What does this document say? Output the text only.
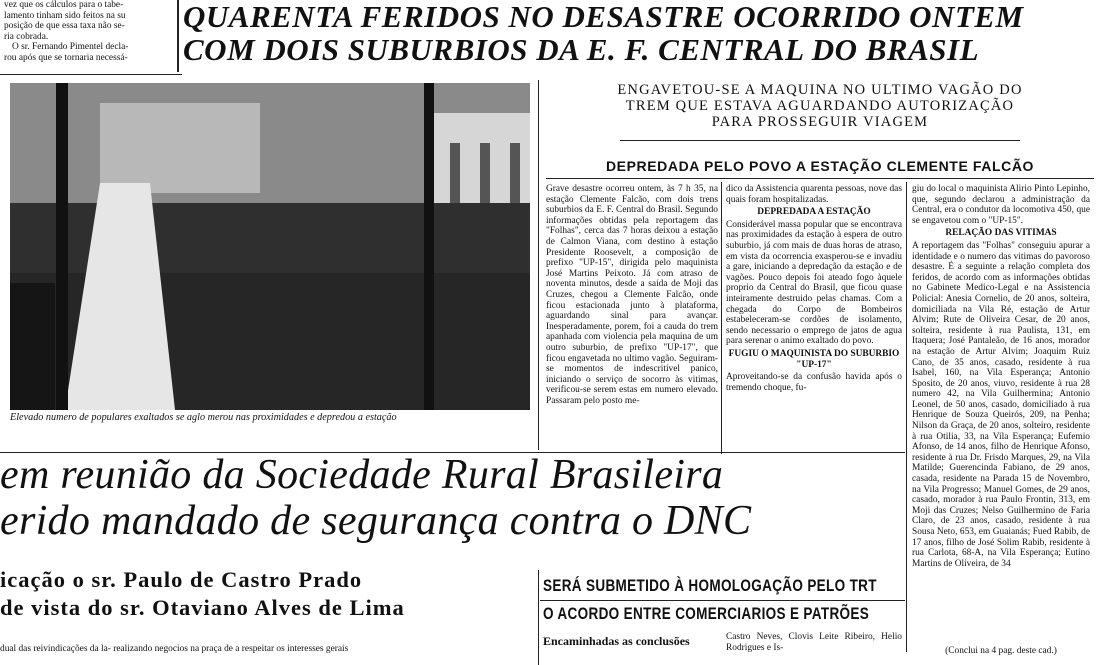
vez que os cálculos para o tabe-
lamento tinham sido feitos na su
posição de que essa taxa não se-
ria cobrada.
O sr. Fernando Pimentel decla-
rou após que se tornaria necessá-
QUARENTA FERIDOS NO DESASTRE OCORRIDO ONTEM
COM DOIS SUBURBIOS DA E. F. CENTRAL DO BRASIL
Elevado numero de populares exaltados se aglo merou nas proximidades e depredou a estação
ENGAVETOU-SE A MAQUINA NO ULTIMO VAGÃO DO
TREM QUE ESTAVA AGUARDANDO AUTORIZAÇÃO
PARA PROSSEGUIR VIAGEM
DEPREDADA PELO POVO A ESTAÇÃO CLEMENTE FALCÃO
Grave desastre ocorreu ontem, às 7 h 35, na estação Clemente Falcão, com dois trens suburbios da E. F. Central do Brasil. Segundo informações obtidas pela reportagem das "Folhas", cerca das 7 horas deixou a estação de Calmon Viana, com destino à estação Presidente Roosevelt, a composição de prefixo "UP-15", dirigida pelo maquinista José Martins Peixoto. Já com atraso de noventa minutos, desde a saída de Moji das Cruzes, chegou a Clemente Falcão, onde ficou estacionada junto à plataforma, aguardando sinal para avançar. Inesperadamente, porem, foi a cauda do trem apanhada com violencia pela maquina de um outro suburbio, de prefixo "UP-17", que ficou engavetada no ultimo vagão. Seguiram-se momentos de indescritível panico, iniciando o serviço de socorro às vitimas, verificou-se serem estas em numero elevado. Passaram pelo posto me-
dico da Assistencia quarenta pessoas, nove das quais foram hospitalizadas.
DEPREDADA A ESTAÇÃO
Considerável massa popular que se encontrava nas proximidades da estação à espera de outro suburbio, já com mais de duas horas de atraso, em vista da ocorrencia exasperou-se e invadiu a gare, iniciando a depredação da estação e de vagões. Pouco depois foi ateado fogo àquele proprio da Central do Brasil, que ficou quase inteiramente destruido pelas chamas. Com a chegada do Corpo de Bombeiros estabeleceram-se cordões de isolamento, sendo necessario o emprego de jatos de agua para serenar o animo exaltado do povo.
FUGIU O MAQUINISTA DO SUBURBIO "UP-17"
Aproveitando-se da confusão havida após o tremendo choque, fu-
giu do local o maquinista Alirio Pinto Lepinho, que, segundo declarou a administração da Central, era o condutor da locomotiva 450, que se engavetou com o "UP-15".
RELAÇÃO DAS VITIMAS
A reportagem das "Folhas" conseguiu apurar a identidade e o numero das vitimas do pavoroso desastre. É a seguinte a relação completa dos feridos, de acordo com as informações obtidas no Gabinete Medico-Legal e na Assistencia Policial: Anesia Cornelio, de 20 anos, solteira, domiciliada na Vila Ré, estação de Artur Alvim; Rute de Oliveira Cesar, de 20 anos, solteira, residente à rua Paulista, 131, em Itaquera; José Pantaleão, de 16 anos, morador na estação de Artur Alvim; Joaquim Ruiz Cano, de 35 anos, casado, residente à rua Isabel, 160, na Vila Esperança; Antonio Sposito, de 20 anos, viuvo, residente à rua 28 numero 42, na Vila Guilhermina; Antonio Leonel, de 50 anos, casado, domiciliado à rua Henrique de Souza Queirós, 209, na Penha; Nilson da Graça, de 20 anos, solteiro, residente à rua Otilia, 33, na Vila Esperança; Eufemio Afonso, de 14 anos, filho de Henrique Afonso, residente à rua Dr. Frisdo Marques, 29, na Vila Matilde; Guerencinda Fabiano, de 29 anos, casada, residente na Parada 15 de Novembro, na Vila Progresso; Manuel Gomes, de 29 anos, casado, morador à rua Paulo Frontin, 313, em Moji das Cruzes; Nelso Guilhermino de Faria Claro, de 23 anos, casado, residente à rua Sousa Neto, 653, em Guaianás; Fued Rabib, de 17 anos, filho de José Solim Rabib, residente à rua Carlota, 68-A, na Vila Esperança; Eutino Martins de Oliveira, de 34
(Conclui na 4 pag. deste cad.)
em reunião da Sociedade Rural Brasileira
erido mandado de segurança contra o DNC
icação o sr. Paulo de Castro Prado
de vista do sr. Otaviano Alves de Lima
dual das reivindicações da la- realizando negocios na praça de a respeitar os interesses gerais
SERÁ SUBMETIDO À HOMOLOGAÇÃO PELO TRT
O ACORDO ENTRE COMERCIARIOS E PATRÕES
Encaminhadas as conclusões	Castro Neves, Clovis Leite Ribeiro, Helio Rodrigues e Is-
